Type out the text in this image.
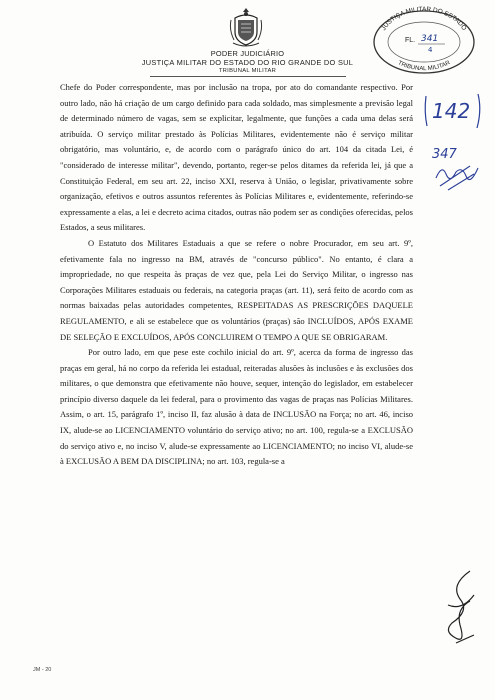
PODER JUDICIÁRIO
JUSTIÇA MILITAR DO ESTADO DO RIO GRANDE DO SUL
TRIBUNAL MILITAR
JUSTIÇA MILITAR DO ESTADO
TRIBUNAL MILITAR
FL. 341
4
142
347

Chefe do Poder correspondente, mas por inclusão na tropa, por ato do comandante respectivo. Por outro lado, não há criação de um cargo definido para cada soldado, mas simplesmente a previsão legal de determinado número de vagas, sem se explicitar, legalmente, que funções a cada uma delas será atribuída. O serviço militar prestado às Polícias Militares, evidentemente não é serviço militar obrigatório, mas voluntário, e, de acordo com o parágrafo único do art. 104 da citada Lei, é "considerado de interesse militar", devendo, portanto, reger-se pelos ditames da referida lei, já que a Constituição Federal, em seu art. 22, inciso XXI, reserva à União, o legislar, privativamente sobre organização, efetivos e outros assuntos referentes às Polícias Militares e, evidentemente, referindo-se expressamente a elas, a lei e decreto acima citados, outras não podem ser as condições oferecidas, pelos Estados, a seus militares.

O Estatuto dos Militares Estaduais a que se refere o nobre Procurador, em seu art. 9º, efetivamente fala no ingresso na BM, através de "concurso público". No entanto, é clara a impropriedade, no que respeita às praças de vez que, pela Lei do Serviço Militar, o ingresso nas Corporações Militares estaduais ou federais, na categoria praças (art. 11), será feito de acordo com as normas baixadas pelas autoridades competentes, RESPEITADAS AS PRESCRIÇÕES DAQUELE REGULAMENTO, e ali se estabelece que os voluntários (praças) são INCLUÍDOS, APÓS EXAME DE SELEÇÃO E EXCLUÍDOS, APÓS CONCLUIREM O TEMPO A QUE SE OBRIGARAM.

Por outro lado, em que pese este cochilo inicial do art. 9º, acerca da forma de ingresso das praças em geral, há no corpo da referida lei estadual, reiteradas alusões às inclusões e às exclusões dos militares, o que demonstra que efetivamente não houve, sequer, intenção do legislador, em estabelecer princípio diverso daquele da lei federal, para o provimento das vagas de praças nas Polícias Militares. Assim, o art. 15, parágrafo 1º, inciso II, faz alusão à data de INCLUSÃO na Força; no art. 46, inciso IX, alude-se ao LICENCIAMENTO voluntário do serviço ativo; no art. 100, regula-se a EXCLUSÃO do serviço ativo e, no inciso V, alude-se expressamente ao LICENCIAMENTO; no inciso VI, alude-se à EXCLUSÃO A BEM DA DISCIPLINA; no art. 103, regula-se a

JM - 20
